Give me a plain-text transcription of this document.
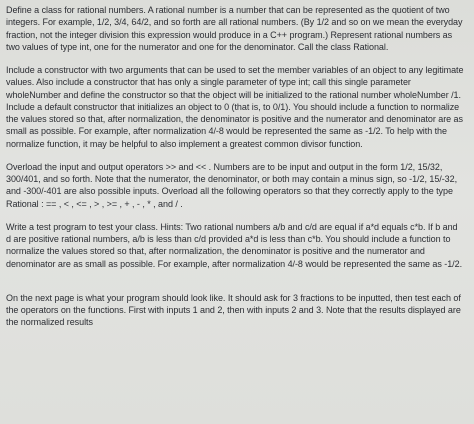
Define a class for rational numbers. A rational number is a number that can be represented as the quotient of two integers. For example, 1/2, 3/4, 64/2, and so forth are all rational numbers. (By 1/2 and so on we mean the everyday fraction, not the integer division this expression would produce in a C++ program.) Represent rational numbers as two values of type int, one for the numerator and one for the denominator. Call the class Rational.

Include a constructor with two arguments that can be used to set the member variables of an object to any legitimate values. Also include a constructor that has only a single parameter of type int; call this single parameter wholeNumber and define the constructor so that the object will be initialized to the rational number wholeNumber /1. Include a default constructor that initializes an object to 0 (that is, to 0/1). You should include a function to normalize the values stored so that, after normalization, the denominator is positive and the numerator and denominator are as small as possible. For example, after normalization 4/-8 would be represented the same as -1/2. To help with the normalize function, it may be helpful to also implement a greatest common divisor function.

Overload the input and output operators >> and << . Numbers are to be input and output in the form 1/2, 15/32, 300/401, and so forth. Note that the numerator, the denominator, or both may contain a minus sign, so -1/2, 15/-32, and -300/-401 are also possible inputs. Overload all the following operators so that they correctly apply to the type Rational : == , < , <= , > , >= , + , - , * , and / .

Write a test program to test your class. Hints: Two rational numbers a/b and c/d are equal if a*d equals c*b. If b and d are positive rational numbers, a/b is less than c/d provided a*d is less than c*b. You should include a function to normalize the values stored so that, after normalization, the denominator is positive and the numerator and denominator are as small as possible. For example, after normalization 4/-8 would be represented the same as -1/2.

On the next page is what your program should look like. It should ask for 3 fractions to be inputted, then test each of the operators on the functions. First with inputs 1 and 2, then with inputs 2 and 3. Note that the results displayed are the normalized results
